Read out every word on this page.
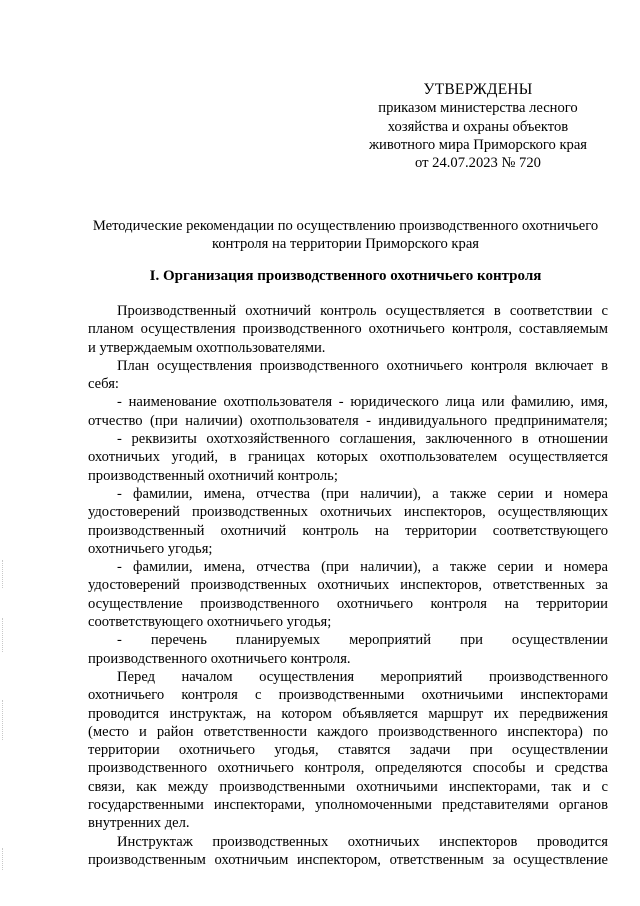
УТВЕРЖДЕНЫ
приказом министерства лесного
хозяйства и охраны объектов
животного мира Приморского края
от 24.07.2023 № 720
Методические рекомендации по осуществлению производственного охотничьего
контроля на территории Приморского края
I. Организация производственного охотничьего контроля
Производственный охотничий контроль осуществляется в соответствии с
планом осуществления производственного охотничьего контроля, составляемым
и утверждаемым охотпользователями.
План осуществления производственного охотничьего контроля включает в
себя:
- наименование охотпользователя - юридического лица или фамилию, имя,
отчество (при наличии) охотпользователя - индивидуального предпринимателя;
- реквизиты охотхозяйственного соглашения, заключенного в отношении
охотничьих угодий, в границах которых охотпользователем осуществляется
производственный охотничий контроль;
- фамилии, имена, отчества (при наличии), а также серии и номера
удостоверений производственных охотничьих инспекторов, осуществляющих
производственный охотничий контроль на территории соответствующего
охотничьего угодья;
- фамилии, имена, отчества (при наличии), а также серии и номера
удостоверений производственных охотничьих инспекторов, ответственных за
осуществление производственного охотничьего контроля на территории
соответствующего охотничьего угодья;
- перечень планируемых мероприятий при осуществлении
производственного охотничьего контроля.
Перед началом осуществления мероприятий производственного
охотничьего контроля с производственными охотничьими инспекторами
проводится инструктаж, на котором объявляется маршрут их передвижения
(место и район ответственности каждого производственного инспектора) по
территории охотничьего угодья, ставятся задачи при осуществлении
производственного охотничьего контроля, определяются способы и средства
связи, как между производственными охотничьими инспекторами, так и с
государственными инспекторами, уполномоченными представителями органов
внутренних дел.
Инструктаж производственных охотничьих инспекторов проводится
производственным охотничьим инспектором, ответственным за осуществление
